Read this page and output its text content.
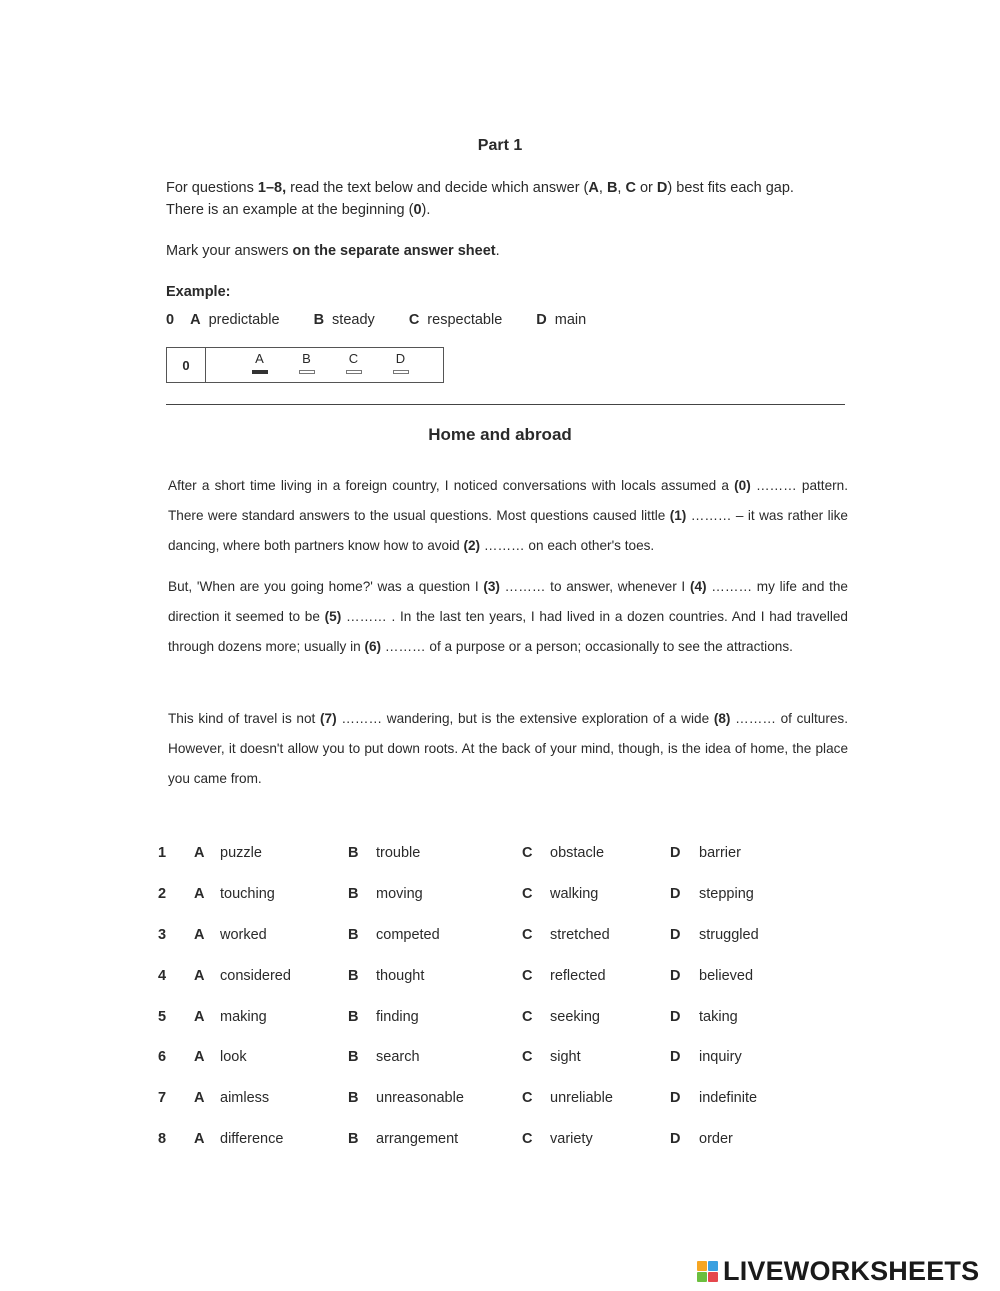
Part 1
For questions 1–8, read the text below and decide which answer (A, B, C or D) best fits each gap.
There is an example at the beginning (0).
Mark your answers on the separate answer sheet.
Example:
0 A predictable B steady C respectable D main
0	A	B	C	D
Home and abroad
After a short time living in a foreign country, I noticed conversations with locals assumed a (0) ……… pattern. There were standard answers to the usual questions. Most questions caused little (1) ……… – it was rather like dancing, where both partners know how to avoid (2) ……… on each other's toes.
But, 'When are you going home?' was a question I (3) ……… to answer, whenever I (4) ……… my life and the direction it seemed to be (5) ……… . In the last ten years, I had lived in a dozen countries. And I had travelled through dozens more; usually in (6) ……… of a purpose or a person; occasionally to see the attractions.
This kind of travel is not (7) ……… wandering, but is the extensive exploration of a wide (8) ……… of cultures. However, it doesn't allow you to put down roots. At the back of your mind, though, is the idea of home, the place you came from.
1 A puzzle	B trouble	C obstacle	D barrier
2 A touching	B moving	C walking	D stepping
3 A worked	B competed	C stretched	D struggled
4 A considered	B thought	C reflected	D believed
5 A making	B finding	C seeking	D taking
6 A look	B search	C sight	D inquiry
7 A aimless	B unreasonable	C unreliable	D indefinite
8 A difference	B arrangement	C variety	D order
LIVEWORKSHEETS
